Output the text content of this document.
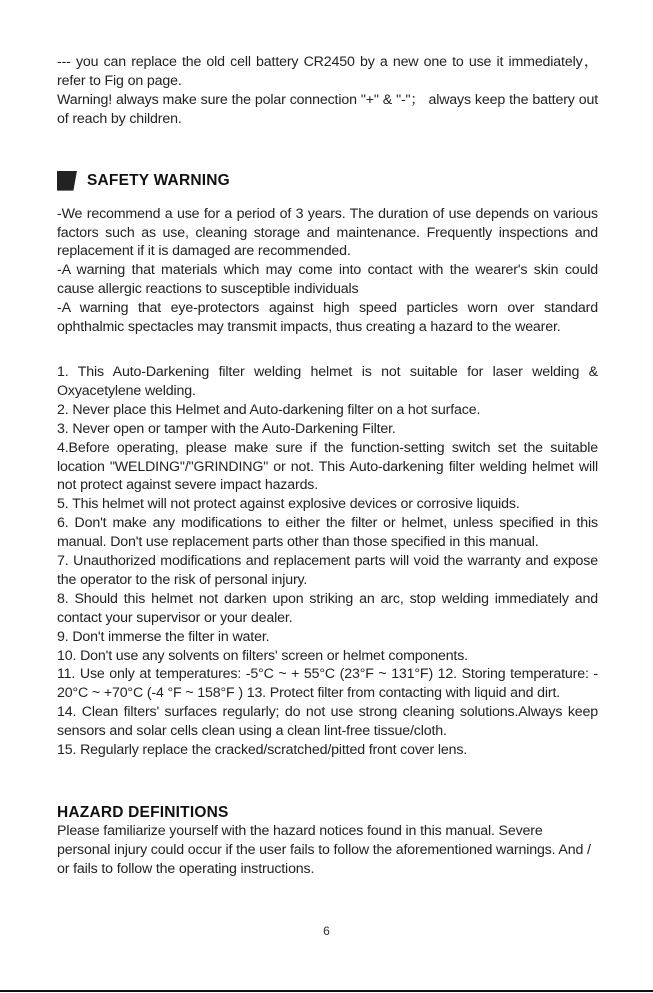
--- you can replace the old cell battery CR2450 by a new one to use it immediately， refer to Fig on page.

Warning! always make sure the polar connection "+" & "-"； always keep the battery out of reach by children.

SAFETY WARNING

-We recommend a use for a period of 3 years. The duration of use depends on various factors such as use, cleaning storage and maintenance. Frequently inspections and replacement if it is damaged are recommended.

-A warning that materials which may come into contact with the wearer's skin could cause allergic reactions to susceptible individuals

-A warning that eye-protectors against high speed particles worn over standard ophthalmic spectacles may transmit impacts, thus creating a hazard to the wearer.

1. This Auto-Darkening filter welding helmet is not suitable for laser welding & Oxyacetylene welding.

2. Never place this Helmet and Auto-darkening filter on a hot surface.

3. Never open or tamper with the Auto-Darkening Filter.

4.Before operating, please make sure if the function-setting switch set the suitable location "WELDING"/"GRINDING" or not. This Auto-darkening filter welding helmet will not protect against severe impact hazards.

5. This helmet will not protect against explosive devices or corrosive liquids.

6. Don't make any modifications to either the filter or helmet, unless specified in this manual. Don't use replacement parts other than those specified in this manual.

7. Unauthorized modifications and replacement parts will void the warranty and expose the operator to the risk of personal injury.

8. Should this helmet not darken upon striking an arc, stop welding immediately and contact your supervisor or your dealer.

9. Don't immerse the filter in water.

10. Don't use any solvents on filters' screen or helmet components.

11. Use only at temperatures: -5°C ~ + 55°C (23°F ~ 131°F) 12. Storing temperature: - 20°C ~ +70°C (-4 °F ~ 158°F ) 13. Protect filter from contacting with liquid and dirt.

14. Clean filters' surfaces regularly; do not use strong cleaning solutions.Always keep sensors and solar cells clean using a clean lint-free tissue/cloth.

15. Regularly replace the cracked/scratched/pitted front cover lens.

HAZARD DEFINITIONS

Please familiarize yourself with the hazard notices found in this manual. Severe personal injury could occur if the user fails to follow the aforementioned warnings. And / or fails to follow the operating instructions.

6
